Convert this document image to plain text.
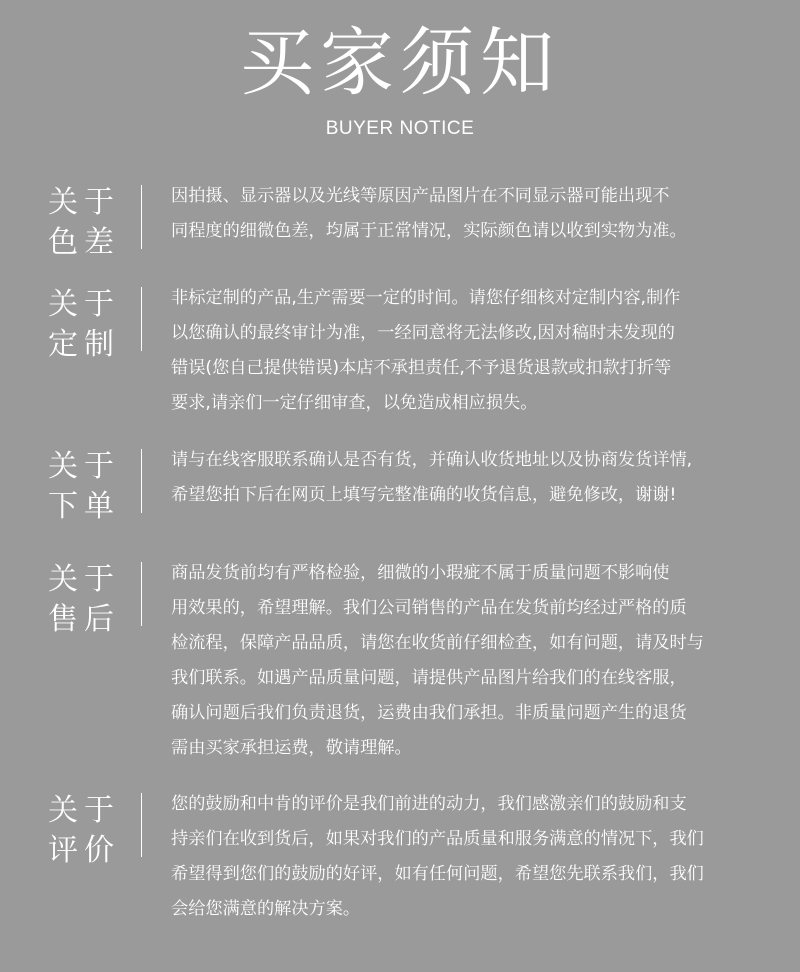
买家须知
BUYER NOTICE
关于
色差
因拍摄、显示器以及光线等原因产品图片在不同显示器可能出现不
同程度的细微色差，均属于正常情况，实际颜色请以收到实物为准。
关于
定制
非标定制的产品,生产需要一定的时间。请您仔细核对定制内容,制作
以您确认的最终审计为准，一经同意将无法修改,因对稿时未发现的
错误(您自己提供错误)本店不承担责任,不予退货退款或扣款打折等
要求,请亲们一定仔细审查，以免造成相应损失。
关于
下单
请与在线客服联系确认是否有货，并确认收货地址以及协商发货详情,
希望您拍下后在网页上填写完整准确的收货信息，避免修改，谢谢!
关于
售后
商品发货前均有严格检验，细微的小瑕疵不属于质量问题不影响使
用效果的，希望理解。我们公司销售的产品在发货前均经过严格的质
检流程，保障产品品质，请您在收货前仔细检查，如有问题，请及时与
我们联系。如遇产品质量问题，请提供产品图片给我们的在线客服，
确认问题后我们负责退货，运费由我们承担。非质量问题产生的退货
需由买家承担运费，敬请理解。
关于
评价
您的鼓励和中肯的评价是我们前进的动力，我们感激亲们的鼓励和支
持亲们在收到货后，如果对我们的产品质量和服务满意的情况下，我们
希望得到您们的鼓励的好评，如有任何问题，希望您先联系我们，我们
会给您满意的解决方案。
